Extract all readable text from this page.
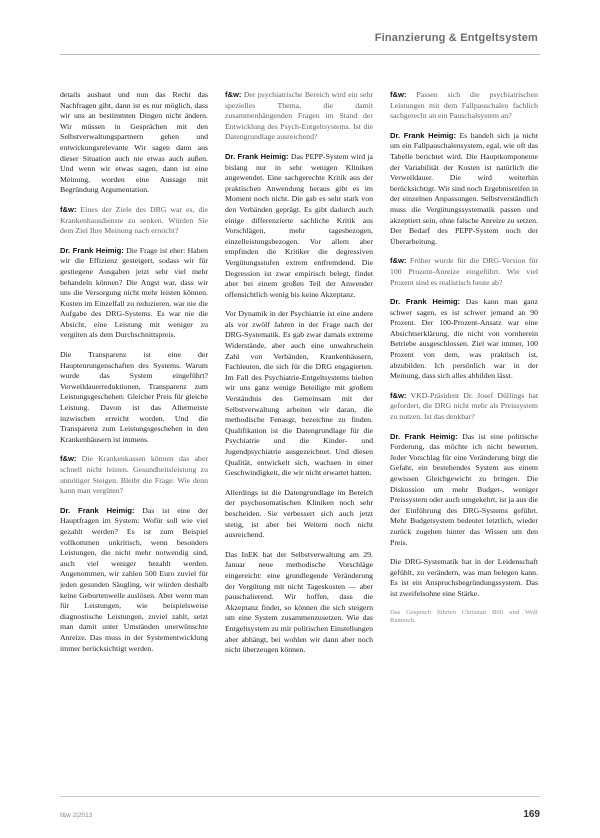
Finanzierung & Entgeltsystem

details ausbaut und nun das Recht das Nachfragen gibt, dann ist es nur möglich, dass wir uns an bestimmten Dingen nicht ändern. Wir müssen in Gesprächen mit den Selbstverwaltungspartnern gehen und entwickungsrelevante Wir sagen dann aus dieser Situation auch nie etwas auch außen. Und wenn wir etwas sagen, dann ist eine Meinung, worden eine Aussage mit Begründung Argumentation.

f&w: Eines der Ziele des DRG war es, die Krankenhausdienste zu senken. Würden Sie dem Ziel Ihre Meinung nach erreicht?

Dr. Frank Heimig: Die Frage ist eher: Haben wir die Effizienz gesteigert, sodass wir für gestiegene Ausgaben jetzt sehr viel mehr behandeln können? Die Angst war, dass wir uns die Versorgung nicht mehr leisten können. Kosten im Einzelfall zu reduzieren, war nie die Aufgabe des DRG-Systems. Es war nie die Absicht, eine Leistung mit weniger zu vergüten als dem Durchschnittspreis.

Die Transparenz ist eine der Hauptenrungenschaften des Systems. Warum wurde das System eingeführt? Verweildauerreduktionen, Transparenz zum Leistungsgeschehen: Gleicher Preis für gleiche Leistung. Davon ist das Allermeiste inzwischen erreicht worden. Und die Transparenz zum Leistungsgeschehen in den Krankenhäusern ist immens.

f&w: Die Krankenkassen können das aber schnell nicht leisten. Gesundheitsleistung zu unnötiger Steigen. Bleibt die Frage: Wie denn kann man vergüten?

Dr. Frank Heimig: Das ist eine der Hauptfragen im System: Wofür soll wie viel gezahlt werden? Es ist zum Beispiel vollkommen unkritisch, wenn besonders Leistungen, die nicht mehr notwendig sind, auch viel weniger bezahlt werden. Angenommen, wir zahlen 500 Euro zuviel für jeden gesunden Säugling, wir würden deshalb keine Geburtenwelle auslösen. Aber wenn man für Leistungen, wie beispielsweise diagnostische Leistungen, zuviel zahlt, setzt man damit unter Umständen unerwünschte Anreize. Das muss in der Systementwicklung immer berücksichtigt werden.

f&w: Der psychiatrische Bereich wird ein sehr spezielles Thema, die damit zusammenhängenden Fragen im Stand der Entwicklung des Psych-Entgeltsystems. Ist die Datengrundlage ausreichend?

Dr. Frank Heimig: Das PEPP-System wird ja bislang nur in sehr wenigen Kliniken angewendet. Eine sachgerechte Kritik aus der praktischen Anwendung heraus gibt es im Moment noch nicht. Die gab es sehr stark von den Verbänden geprägt. Es gibt dadurch auch einige differenzierte sachliche Kritik aus Vorschlägen, mehr tagesbezogen, einzelleistungsbezogen. Vor allem aber empfinden die Kritiker die degressiven Vergütungsstufen extrem entfremdend. Die Degression ist zwar empirisch belegt, findet aber bei einem großen Teil der Anwender offensichtlich wenig bis keine Akzeptanz.

Vor Dynamik in der Psychiatrie ist eine andere als vor zwölf Jahren in der Frage nach der DRG-Systematik. Es gab zwar damals extreme Widerstände, aber auch eine unwahrschein Zahl von Verbänden, Krankenhäusern, Fachleuten, die sich für die DRG engagierten. Im Fall des Psychiatrie-Entgeltsystems hielten wir uns ganz wenige Beteiligte mit großem Verständnis des Gemeinsam mit der Selbstverwaltung arbeiten wir daran, die methodische Fenasgr, bezeichne zu finden. Qualifikation ist die Datengrundlage für die Psychiatrie und die Kinder- und Jugendpsychiatrie ausgezeichnet. Und diesen Qualität, entwickelt sich, wachsen in einer Geschwindigkeit, die wir nicht erwartet hatten.

Allerdings ist die Datengrundlage im Bereich der psychosomatischen Kliniken noch sehr bescheiden. Sie verbessert sich auch jetzt stetig, ist aber bei Weitem noch nicht ausreichend.

Das InEK hat der Selbstverwaltung am 29. Januar neue methodische Vorschläge eingereicht: eine grundlegende Veränderung der Vergütung mit nicht Tageskosten — aber pauschalierend. Wir hoffen, dass die Akzeptanz findet, so können die sich steigern um eine System zusammenzusetzen. Wie das Entgeltsystem zu mir politischen Einstellungen aber abhängt, bei wohlen wir dann aber noch nicht überzeugen können.

f&w: Passen sich die psychiatrischen Leistungen mit dem Fallpauschalen fachlich sachgerecht an ein Pauschalsystem an?

Dr. Frank Heimig: Es handelt sich ja nicht um ein Fallpauschalensystem, egal, wie oft das Tabelle berichtet wird. Die Hauptkomponente der Variabilität der Kosten ist natürlich die Verweildauer. Die wird weiterhin berücksichtigt. Wir sind noch Ergebnisreifen in der einzelnen Anpassungen. Selbstverständlich muss die Vergütungssystematik passen und akzeptiert sein, ohne falsche Anreize zu setzen. Der Bedarf des PEPP-System noch der Überarbeitung.

f&w: Früher wurde für die DRG-Version für 100 Prozent-Anreize eingeführt. Wie viel Prozent sind es realistisch heute ab?

Dr. Frank Heimig: Das kann man ganz schwer sagen, es ist schwer jemand an 90 Prozent. Der 100-Prozent-Ansatz war eine Absichtserklärung, die nicht von vornherein Betriebe ausgeschlossen. Ziel war immer, 100 Prozent von dem, was praktisch ist, abzubilden. Ich persönlich war in der Meinung, dass sich alles abbilden lässt.

f&w: VKD-Präsident Dr. Josef Düllings hat gefordert, die DRG nicht mehr als Preissystem zu nutzen. Ist das denkbar?

Dr. Frank Heimig: Das ist eine politische Forderung, das möchte ich nicht bewerten. Jeder Vorschlag für eine Veränderung birgt die Gefahr, ein bestehendes System aus einem gewissen Gleichgewicht zu bringen. Die Diskussion um mehr Budget-, weniger Preissystem oder auch umgekehrt, ist ja aus die der Einführung des DRG-Systems geführt. Mehr Budgetsystem bedeutet letztlich, wieder zurück zugehen hinter das Wissen um den Preis.

Die DRG-Systematik hat in der Leidenschaft gefühlt, zu verändern, was man belegen kann. Es ist ein Anspruchsbegründungssystem. Das ist zweifelsohne eine Stärke.

Das Gespräch führten Christian Bölt und Wolf Ramesch.

f&w 2|2013	169
